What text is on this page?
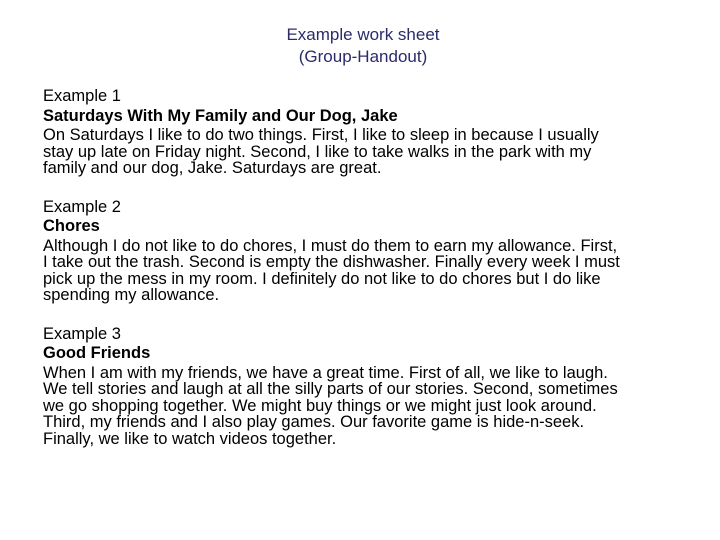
Example work sheet
(Group-Handout)
Example 1
Saturdays With My Family and Our Dog, Jake
On Saturdays I like to do two things. First, I like to sleep in because I usually
stay up late on Friday night. Second, I like to take walks in the park with my
family and our dog, Jake. Saturdays are great.
Example 2
Chores
Although I do not like to do chores, I must do them to earn my allowance. First,
I take out the trash. Second is empty the dishwasher. Finally every week I must
pick up the mess in my room. I definitely do not like to do chores but I do like
spending my allowance.
Example 3
Good Friends
When I am with my friends, we have a great time. First of all, we like to laugh.
We tell stories and laugh at all the silly parts of our stories. Second, sometimes
we go shopping together. We might buy things or we might just look around.
Third, my friends and I also play games. Our favorite game is hide-n-seek.
Finally, we like to watch videos together.
